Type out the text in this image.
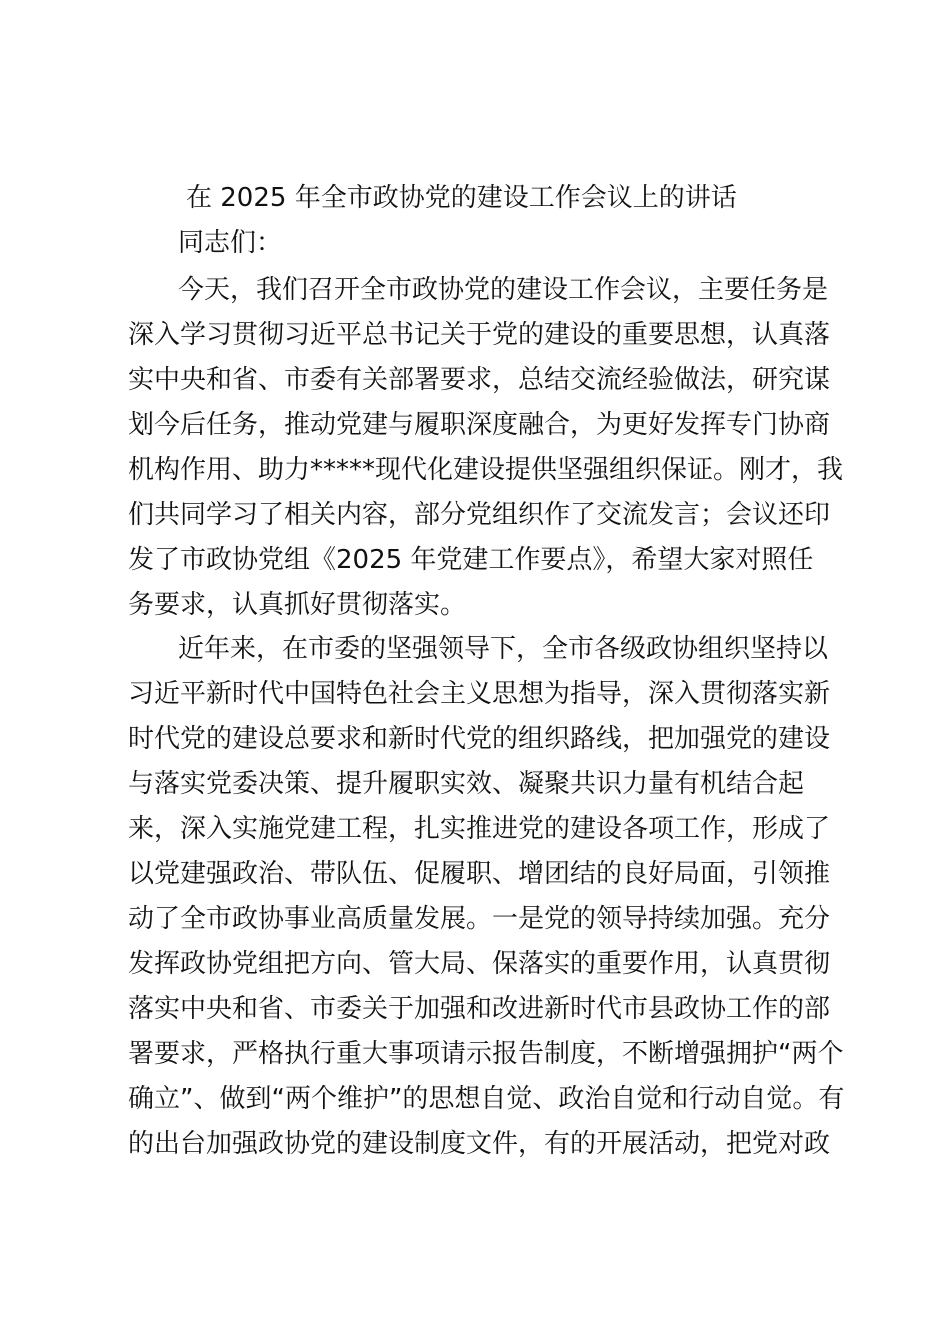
在 2025 年全市政协党的建设工作会议上的讲话
同志们：
今天，我们召开全市政协党的建设工作会议，主要任务是
深入学习贯彻习近平总书记关于党的建设的重要思想，认真落
实中央和省、市委有关部署要求，总结交流经验做法，研究谋
划今后任务，推动党建与履职深度融合，为更好发挥专门协商
机构作用、助力*****现代化建设提供坚强组织保证。刚才，我
们共同学习了相关内容，部分党组织作了交流发言；会议还印
发了市政协党组《2025 年党建工作要点》，希望大家对照任
务要求，认真抓好贯彻落实。
近年来，在市委的坚强领导下，全市各级政协组织坚持以
习近平新时代中国特色社会主义思想为指导，深入贯彻落实新
时代党的建设总要求和新时代党的组织路线，把加强党的建设
与落实党委决策、提升履职实效、凝聚共识力量有机结合起
来，深入实施党建工程，扎实推进党的建设各项工作，形成了
以党建强政治、带队伍、促履职、增团结的良好局面，引领推
动了全市政协事业高质量发展。一是党的领导持续加强。充分
发挥政协党组把方向、管大局、保落实的重要作用，认真贯彻
落实中央和省、市委关于加强和改进新时代市县政协工作的部
署要求，严格执行重大事项请示报告制度，不断增强拥护“两个
确立”、做到“两个维护”的思想自觉、政治自觉和行动自觉。有
的出台加强政协党的建设制度文件，有的开展活动，把党对政
